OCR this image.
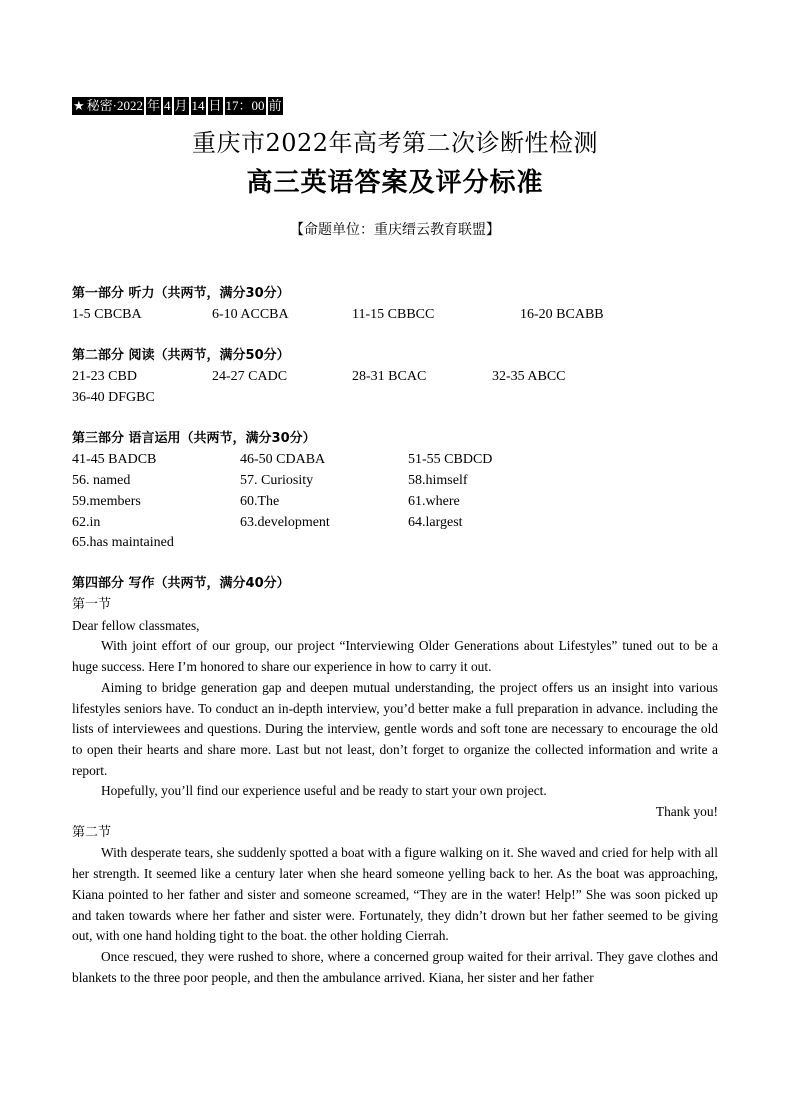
★ 秘密·2022 年 4 月 14 日 17：00 前
重庆市2022年高考第二次诊断性检测
高三英语答案及评分标准
【命题单位：重庆缙云教育联盟】
第一部分 听力（共两节，满分30分）
1-5 CBCBA	6-10 ACCBA	11-15 CBBCC	16-20 BCABB
第二部分 阅读（共两节，满分50分）
21-23 CBD	24-27 CADC	28-31 BCAC	32-35 ABCC
36-40 DFGBC
第三部分 语言运用（共两节，满分30分）
41-45 BADCB	46-50 CDABA	51-55 CBDCD
56. named	57. Curiosity	58.himself
59.members	60.The	61.where
62.in	63.development	64.largest
65.has maintained
第四部分 写作（共两节，满分40分）

第一节

Dear fellow classmates,

With joint effort of our group, our project “Interviewing Older Generations about Lifestyles” tuned out to be a huge success. Here I’m honored to share our experience in how to carry it out.

Aiming to bridge generation gap and deepen mutual understanding, the project offers us an insight into various lifestyles seniors have. To conduct an in-depth interview, you’d better make a full preparation in advance. including the lists of interviewees and questions. During the interview, gentle words and soft tone are necessary to encourage the old to open their hearts and share more. Last but not least, don’t forget to organize the collected information and write a report.

Hopefully, you’ll find our experience useful and be ready to start your own project.

Thank you!

第二节

With desperate tears, she suddenly spotted a boat with a figure walking on it. She waved and cried for help with all her strength. It seemed like a century later when she heard someone yelling back to her. As the boat was approaching, Kiana pointed to her father and sister and someone screamed, “They are in the water! Help!” She was soon picked up and taken towards where her father and sister were. Fortunately, they didn’t drown but her father seemed to be giving out, with one hand holding tight to the boat. the other holding Cierrah.

Once rescued, they were rushed to shore, where a concerned group waited for their arrival. They gave clothes and blankets to the three poor people, and then the ambulance arrived. Kiana, her sister and her father
